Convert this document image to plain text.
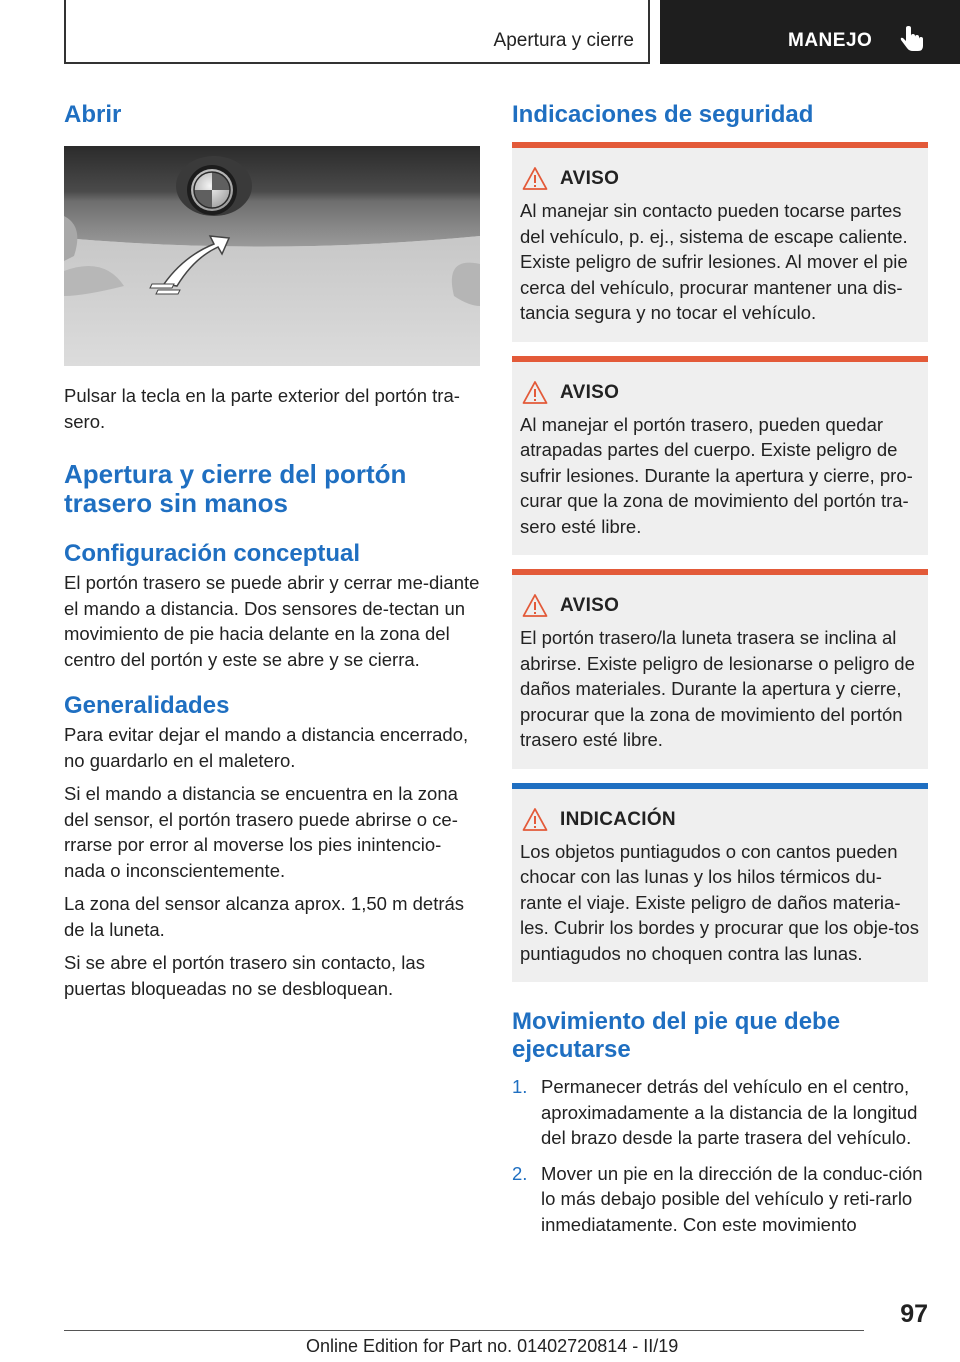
Apertura y cierre	MANEJO
Abrir

Pulsar la tecla en la parte exterior del portón tra-sero.

Apertura y cierre del portón trasero sin manos
Configuración conceptual

El portón trasero se puede abrir y cerrar me-diante el mando a distancia. Dos sensores de-tectan un movimiento de pie hacia delante en la zona del centro del portón y este se abre y se cierra.

Generalidades

Para evitar dejar el mando a distancia encerrado, no guardarlo en el maletero.

Si el mando a distancia se encuentra en la zona del sensor, el portón trasero puede abrirse o ce-rrarse por error al moverse los pies inintencio-nada o inconscientemente.

La zona del sensor alcanza aprox. 1,50 m detrás de la luneta.

Si se abre el portón trasero sin contacto, las puertas bloqueadas no se desbloquean.

Indicaciones de seguridad
AVISO

Al manejar sin contacto pueden tocarse partes del vehículo, p. ej., sistema de escape caliente. Existe peligro de sufrir lesiones. Al mover el pie cerca del vehículo, procurar mantener una dis-tancia segura y no tocar el vehículo.

AVISO

Al manejar el portón trasero, pueden quedar atrapadas partes del cuerpo. Existe peligro de sufrir lesiones. Durante la apertura y cierre, pro-curar que la zona de movimiento del portón tra-sero esté libre.

AVISO

El portón trasero/la luneta trasera se inclina al abrirse. Existe peligro de lesionarse o peligro de daños materiales. Durante la apertura y cierre, procurar que la zona de movimiento del portón trasero esté libre.

INDICACIÓN

Los objetos puntiagudos o con cantos pueden chocar con las lunas y los hilos térmicos du-rante el viaje. Existe peligro de daños materia-les. Cubrir los bordes y procurar que los obje-tos puntiagudos no choquen contra las lunas.

Movimiento del pie que debe ejecutarse
1. Permanecer detrás del vehículo en el centro, aproximadamente a la distancia de la longitud del brazo desde la parte trasera del vehículo.
2. Mover un pie en la dirección de la conduc-ción lo más debajo posible del vehículo y reti-rarlo inmediatamente. Con este movimiento
97
Online Edition for Part no. 01402720814 - II/19
